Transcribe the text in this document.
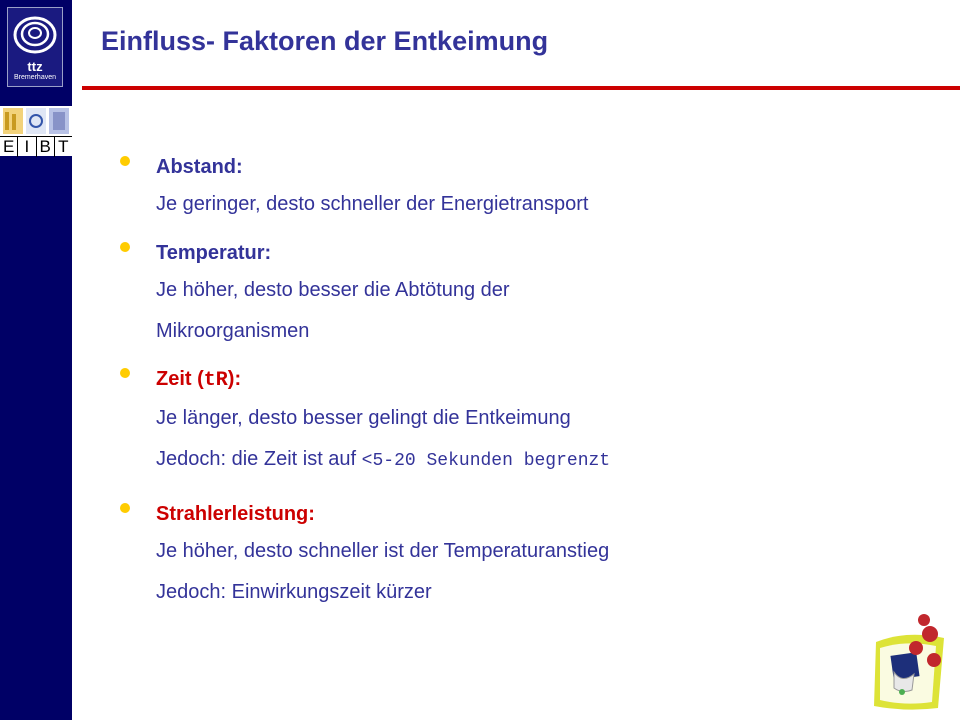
ttz
Bremerhaven
E I B T
Einfluss- Faktoren der Entkeimung
Abstand:
Je geringer, desto schneller der Energietransport
Temperatur:
Je höher, desto besser die Abtötung der
Mikroorganismen
Zeit (tR):
Je länger, desto besser gelingt die Entkeimung
Jedoch: die Zeit ist auf <5-20 Sekunden begrenzt
Strahlerleistung:
Je höher, desto schneller ist der Temperaturanstieg
Jedoch: Einwirkungszeit kürzer
